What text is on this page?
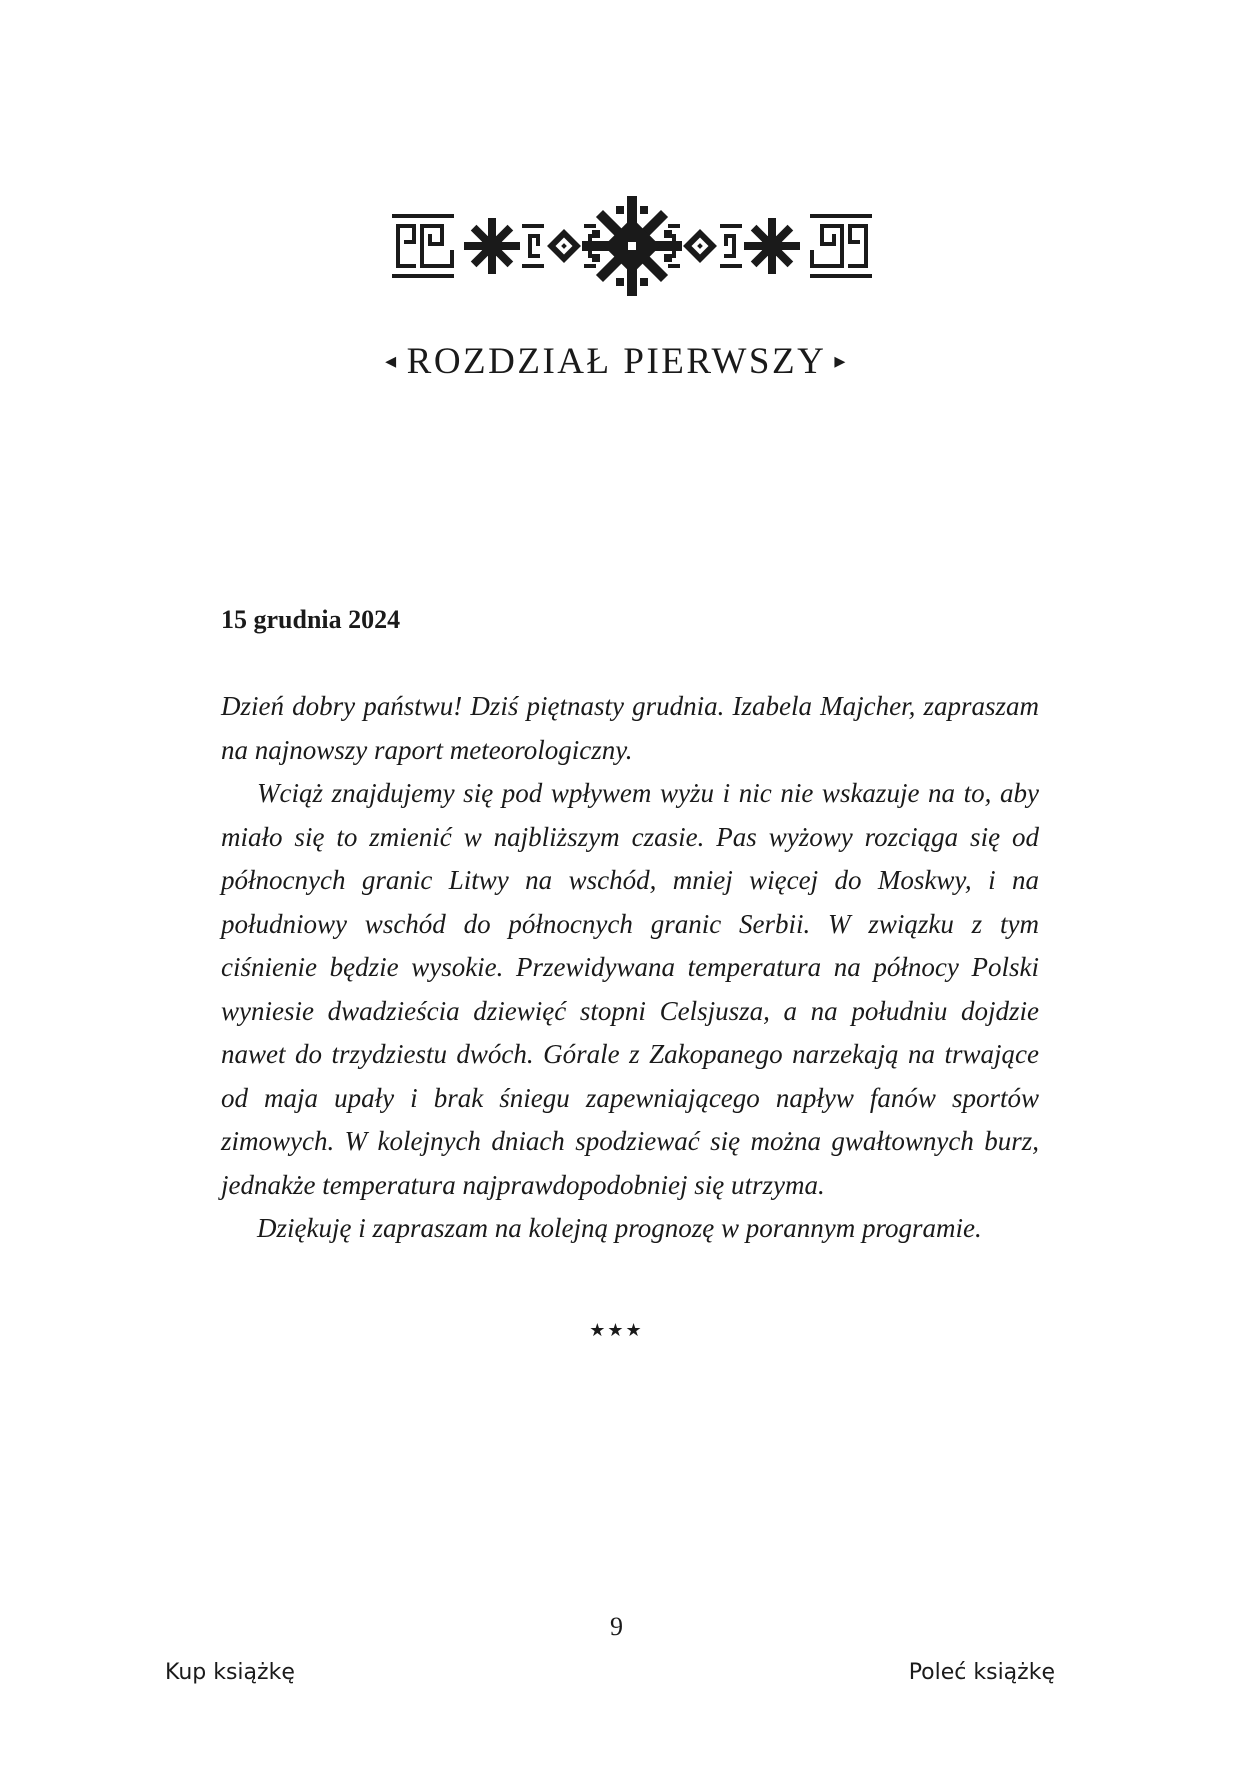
◂ ROZDZIAŁ PIERWSZY ▸
15 grudnia 2024

Dzień dobry państwu! Dziś piętnasty grudnia. Izabela Majcher, zapraszam na najnowszy raport meteorologiczny.

Wciąż znajdujemy się pod wpływem wyżu i nic nie wskazuje na to, aby miało się to zmienić w najbliższym czasie. Pas wyżowy rozciąga się od północnych granic Litwy na wschód, mniej więcej do Moskwy, i na południowy wschód do północnych granic Serbii. W związku z tym ciśnienie będzie wysokie. Przewidywana temperatura na północy Polski wyniesie dwadzieścia dziewięć stopni Celsjusza, a na południu dojdzie nawet do trzydziestu dwóch. Górale z Zakopanego narzekają na trwające od maja upały i brak śniegu zapewniającego napływ fanów sportów zimowych. W kolejnych dniach spodziewać się można gwałtownych burz, jednakże temperatura najprawdopodobniej się utrzyma.

Dziękuję i zapraszam na kolejną prognozę w porannym programie.

★★★
9
Kup książkę	Poleć książkę
